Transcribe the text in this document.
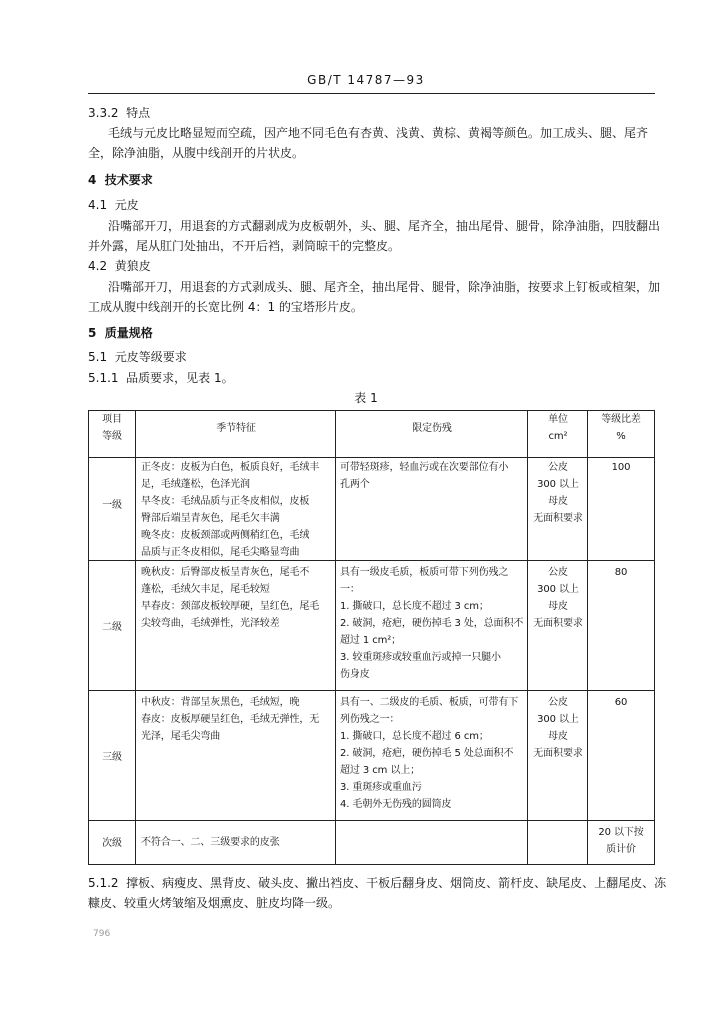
GB/T 14787—93
3.3.2  特点
毛绒与元皮比略显短而空疏，因产地不同毛色有杏黄、浅黄、黄棕、黄褐等颜色。加工成头、腿、尾齐
全，除净油脂，从腹中线剖开的片状皮。
4  技术要求
4.1  元皮
沿嘴部开刀，用退套的方式翻剥成为皮板朝外，头、腿、尾齐全，抽出尾骨、腿骨，除净油脂，四肢翻出
并外露，尾从肛门处抽出，不开后裆，剥筒晾干的完整皮。
4.2  黄狼皮
沿嘴部开刀，用退套的方式剥成头、腿、尾齐全，抽出尾骨、腿骨，除净油脂，按要求上钉板或楦架，加
工成从腹中线剖开的长宽比例 4：1 的宝塔形片皮。
5  质量规格
5.1  元皮等级要求
5.1.1  品质要求，见表 1。
表 1
项目
等级
季节特征	限定伤残
单位
cm²
等级比差
%
一级
正冬皮：皮板为白色，板质良好，毛绒丰
足，毛绒蓬松，色泽光润
早冬皮：毛绒品质与正冬皮相似，皮板
臀部后端呈青灰色，尾毛欠丰满
晚冬皮：皮板颈部或两侧稍红色，毛绒
品质与正冬皮相似，尾毛尖略显弯曲
可带轻斑疹，轻血污或在次要部位有小
孔两个
公皮
300 以上
母皮
无面积要求
100
二级
晚秋皮：后臀部皮板呈青灰色，尾毛不
蓬松，毛绒欠丰足，尾毛较短
早春皮：颈部皮板较厚硬，呈红色，尾毛
尖较弯曲，毛绒弹性，光泽较差
具有一级皮毛质，板质可带下列伤残之
一：
1. 撕破口，总长度不超过 3 cm；
2. 破洞，疮疤，硬伤掉毛 3 处，总面积不
超过 1 cm²；
3. 较重斑疹或较重血污或掉一只腿小
伤身皮
公皮
300 以上
母皮
无面积要求
80
三级
中秋皮：背部呈灰黑色，毛绒短，晚
春皮：皮板厚硬呈红色，毛绒无弹性，无
光泽，尾毛尖弯曲
具有一、二级皮的毛质、板质，可带有下
列伤残之一：
1. 撕破口，总长度不超过 6 cm；
2. 破洞，疮疤，硬伤掉毛 5 处总面积不
超过 3 cm 以上；
3. 重斑疹或重血污
4. 毛朝外无伤残的圆筒皮
公皮
300 以上
母皮
无面积要求
60
次级	不符合一、二、三级要求的皮张
20 以下按
质计价
5.1.2  撑板、病瘦皮、黑背皮、破头皮、撇出裆皮、干板后翻身皮、烟筒皮、箭杆皮、缺尾皮、上翻尾皮、冻
糠皮、较重火烤皱缩及烟熏皮、脏皮均降一级。
796
